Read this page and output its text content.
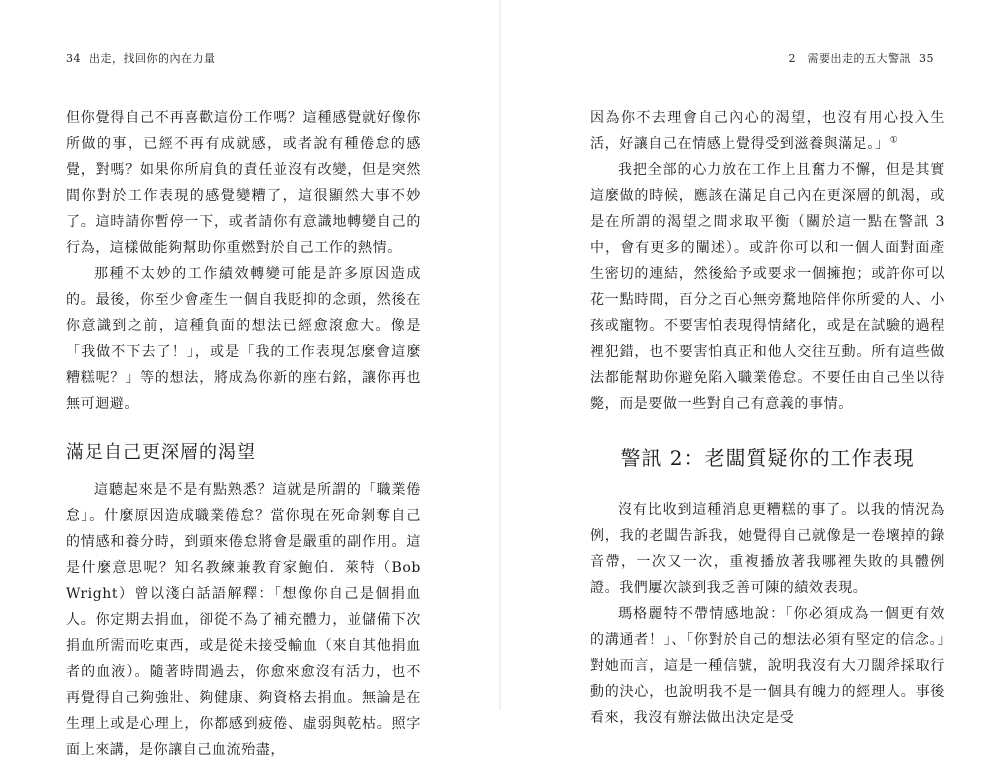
34 出走，找回你的內在力量

但你覺得自己不再喜歡這份工作嗎？這種感覺就好像你所做的事，已經不再有成就感，或者說有種倦怠的感覺，對嗎？如果你所肩負的責任並沒有改變，但是突然間你對於工作表現的感覺變糟了，這很顯然大事不妙了。這時請你暫停一下，或者請你有意識地轉變自己的行為，這樣做能夠幫助你重燃對於自己工作的熱情。

那種不太妙的工作績效轉變可能是許多原因造成的。最後，你至少會產生一個自我貶抑的念頭，然後在你意識到之前，這種負面的想法已經愈滾愈大。像是「我做不下去了！」，或是「我的工作表現怎麼會這麼糟糕呢？」等的想法，將成為你新的座右銘，讓你再也無可迴避。

滿足自己更深層的渴望

這聽起來是不是有點熟悉？這就是所謂的「職業倦怠」。什麼原因造成職業倦怠？當你現在死命剝奪自己的情感和養分時，到頭來倦怠將會是嚴重的副作用。這是什麼意思呢？知名教練兼教育家鮑伯．萊特（Bob Wright）曾以淺白話語解釋：「想像你自己是個捐血人。你定期去捐血，卻從不為了補充體力，並儲備下次捐血所需而吃東西，或是從未接受輸血（來自其他捐血者的血液）。隨著時間過去，你愈來愈沒有活力，也不再覺得自己夠強壯、夠健康、夠資格去捐血。無論是在生理上或是心理上，你都感到疲倦、虛弱與乾枯。照字面上來講，是你讓自己血流殆盡，

2　需要出走的五大警訊 35

因為你不去理會自己內心的渴望，也沒有用心投入生活，好讓自己在情感上覺得受到滋養與滿足。」①

我把全部的心力放在工作上且奮力不懈，但是其實這麼做的時候，應該在滿足自己內在更深層的飢渴，或是在所謂的渴望之間求取平衡（關於這一點在警訊 3 中，會有更多的闡述）。或許你可以和一個人面對面產生密切的連結，然後給予或要求一個擁抱；或許你可以花一點時間，百分之百心無旁騖地陪伴你所愛的人、小孩或寵物。不要害怕表現得情緒化，或是在試驗的過程裡犯錯，也不要害怕真正和他人交往互動。所有這些做法都能幫助你避免陷入職業倦怠。不要任由自己坐以待斃，而是要做一些對自己有意義的事情。

警訊 2：老闆質疑你的工作表現

沒有比收到這種消息更糟糕的事了。以我的情況為例，我的老闆告訴我，她覺得自己就像是一卷壞掉的錄音帶，一次又一次，重複播放著我哪裡失敗的具體例證。我們屢次談到我乏善可陳的績效表現。

瑪格麗特不帶情感地說：「你必須成為一個更有效的溝通者！」、「你對於自己的想法必須有堅定的信念。」對她而言，這是一種信號，說明我沒有大刀闊斧採取行動的決心，也說明我不是一個具有魄力的經理人。事後看來，我沒有辦法做出決定是受
